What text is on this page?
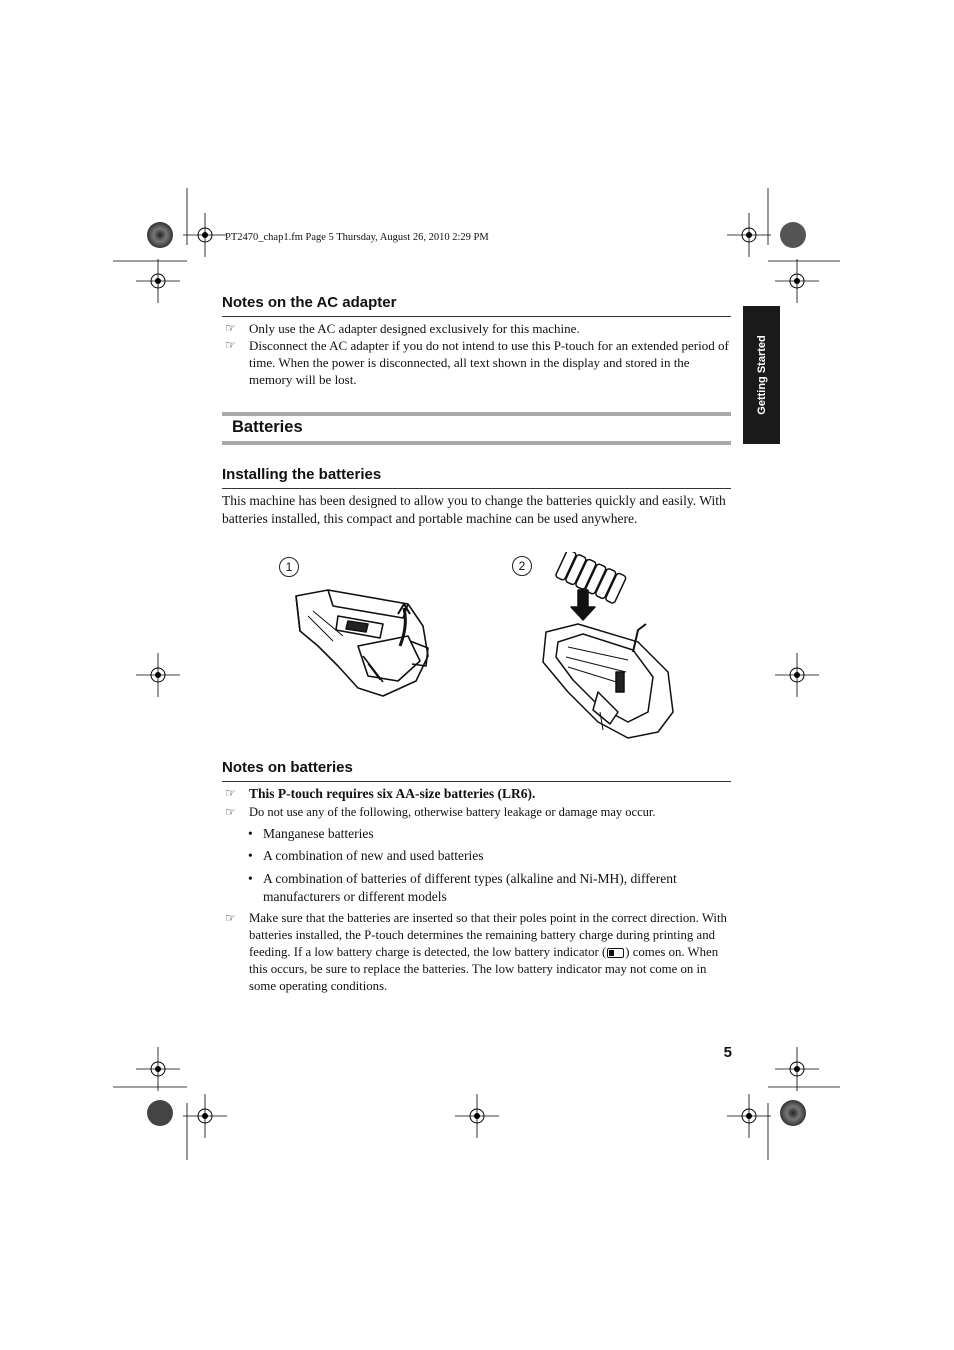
PT2470_chap1.fm Page 5 Thursday, August 26, 2010 2:29 PM
Getting Started
Notes on the AC adapter
☞	Only use the AC adapter designed exclusively for this machine.
☞	Disconnect the AC adapter if you do not intend to use this P-touch for an extended period of time. When the power is disconnected, all text shown in the display and stored in the memory will be lost.
Batteries
Installing the batteries
This machine has been designed to allow you to change the batteries quickly and easily. With batteries installed, this compact and portable machine can be used anywhere.
1	2
Notes on batteries
☞ This P-touch requires six AA-size batteries (LR6).
☞	Do not use any of the following, otherwise battery leakage or damage may occur.
• Manganese batteries
• A combination of new and used batteries
• A combination of batteries of different types (alkaline and Ni-MH), different manufacturers or different models
☞	Make sure that the batteries are inserted so that their poles point in the correct direction. With batteries installed, the P-touch determines the remaining battery charge during printing and feeding. If a low battery charge is detected, the low battery indicator ( ) comes on. When this occurs, be sure to replace the batteries. The low battery indicator may not come on in some operating conditions.
5
